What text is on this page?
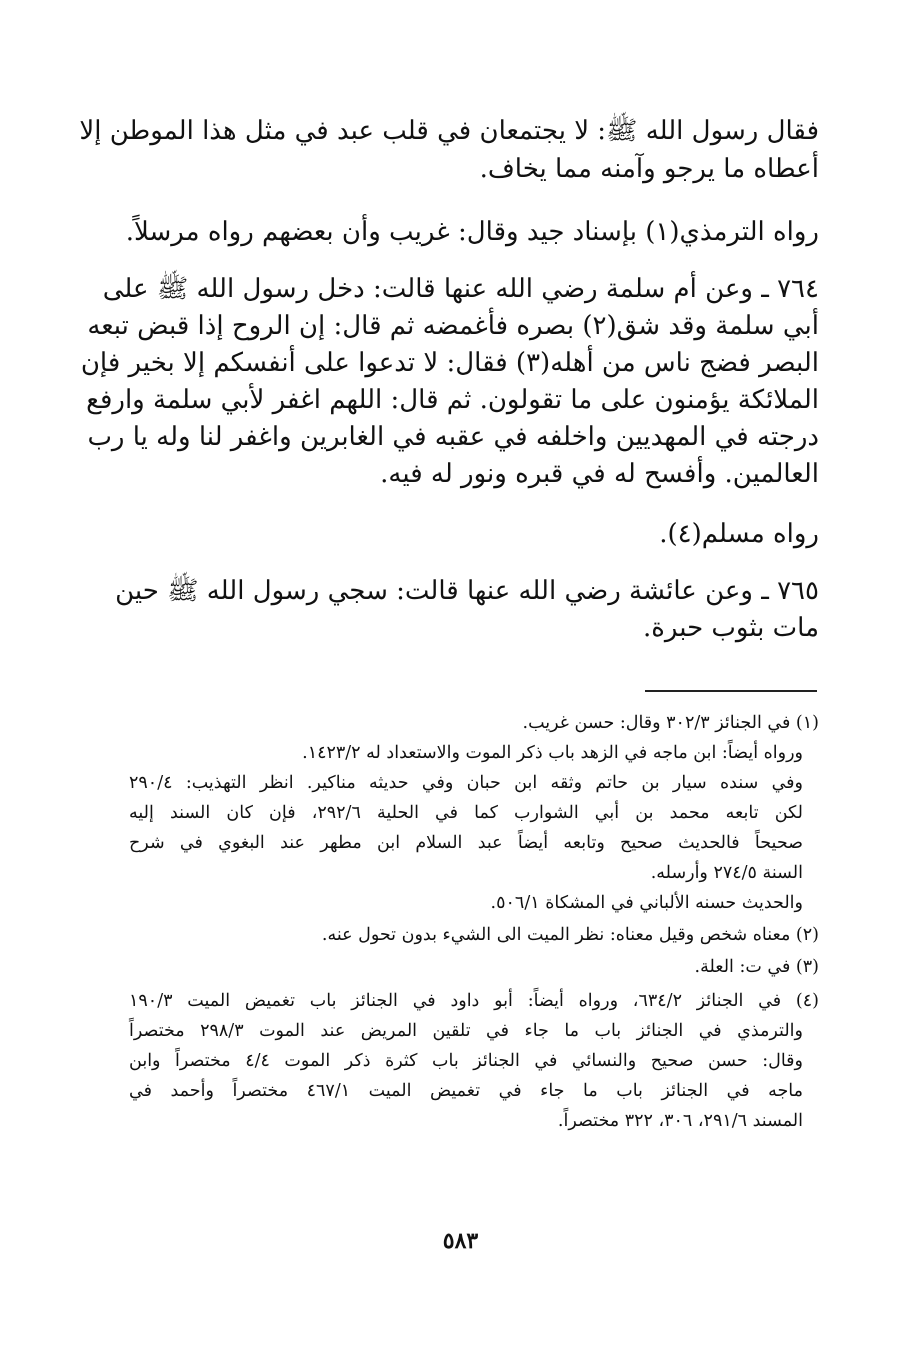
فقال رسول الله ﷺ: لا يجتمعان في قلب عبد في مثل هذا الموطن إلا
أعطاه ما يرجو وآمنه مما يخاف.
رواه الترمذي(١) بإسناد جيد وقال: غريب وأن بعضهم رواه مرسلاً.
٧٦٤ ـ وعن أم سلمة رضي الله عنها قالت: دخل رسول الله ﷺ على
أبي سلمة وقد شق(٢) بصره فأغمضه ثم قال: إن الروح إذا قبض تبعه
البصر فضج ناس من أهله(٣) فقال: لا تدعوا على أنفسكم إلا بخير فإن
الملائكة يؤمنون على ما تقولون. ثم قال: اللهم اغفر لأبي سلمة وارفع
درجته في المهديين واخلفه في عقبه في الغابرين واغفر لنا وله يا رب
العالمين. وأفسح له في قبره ونور له فيه.
رواه مسلم(٤).
٧٦٥ ـ وعن عائشة رضي الله عنها قالت: سجي رسول الله ﷺ حين
مات بثوب حبرة.
(١) في الجنائز ٣٠٢/٣ وقال: حسن غريب.
ورواه أيضاً: ابن ماجه في الزهد باب ذكر الموت والاستعداد له ١٤٢٣/٢.
وفي سنده سيار بن حاتم وثقه ابن حبان وفي حديثه مناكير. انظر التهذيب: ٢٩٠/٤
لكن تابعه محمد بن أبي الشوارب كما في الحلية ٢٩٢/٦، فإن كان السند إليه
صحيحاً فالحديث صحيح وتابعه أيضاً عبد السلام ابن مطهر عند البغوي في شرح
السنة ٢٧٤/٥ وأرسله.
والحديث حسنه الألباني في المشكاة ٥٠٦/١.
(٢) معناه شخص وقيل معناه: نظر الميت الى الشيء بدون تحول عنه.
(٣) في ت: العلة.
(٤) في الجنائز ٦٣٤/٢، ورواه أيضاً: أبو داود في الجنائز باب تغميض الميت ١٩٠/٣
والترمذي في الجنائز باب ما جاء في تلقين المريض عند الموت ٢٩٨/٣ مختصراً
وقال: حسن صحيح والنسائي في الجنائز باب كثرة ذكر الموت ٤/٤ مختصراً وابن
ماجه في الجنائز باب ما جاء في تغميض الميت ٤٦٧/١ مختصراً وأحمد في
المسند ٢٩١/٦، ٣٠٦، ٣٢٢ مختصراً.
٥٨٣
